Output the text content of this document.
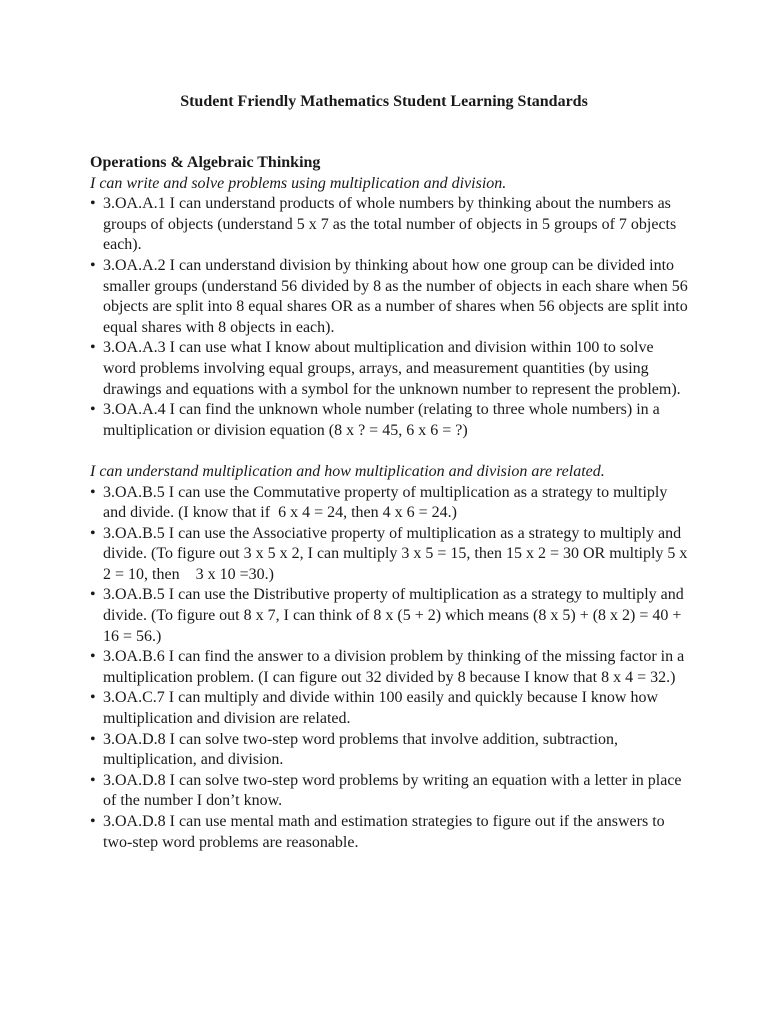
Student Friendly Mathematics Student Learning Standards

Operations & Algebraic Thinking

I can write and solve problems using multiplication and division.

• 3.OA.A.1 I can understand products of whole numbers by thinking about the numbers as groups of objects (understand 5 x 7 as the total number of objects in 5 groups of 7 objects each).
• 3.OA.A.2 I can understand division by thinking about how one group can be divided into smaller groups (understand 56 divided by 8 as the number of objects in each share when 56 objects are split into 8 equal shares OR as a number of shares when 56 objects are split into equal shares with 8 objects in each).
• 3.OA.A.3 I can use what I know about multiplication and division within 100 to solve word problems involving equal groups, arrays, and measurement quantities (by using drawings and equations with a symbol for the unknown number to represent the problem).
• 3.OA.A.4 I can find the unknown whole number (relating to three whole numbers) in a multiplication or division equation (8 x ? = 45, 6 x 6 = ?)

I can understand multiplication and how multiplication and division are related.

• 3.OA.B.5 I can use the Commutative property of multiplication as a strategy to multiply and divide. (I know that if  6 x 4 = 24, then 4 x 6 = 24.)
• 3.OA.B.5 I can use the Associative property of multiplication as a strategy to multiply and divide. (To figure out 3 x 5 x 2, I can multiply 3 x 5 = 15, then 15 x 2 = 30 OR multiply 5 x 2 = 10, then    3 x 10 =30.)
• 3.OA.B.5 I can use the Distributive property of multiplication as a strategy to multiply and divide. (To figure out 8 x 7, I can think of 8 x (5 + 2) which means (8 x 5) + (8 x 2) = 40 + 16 = 56.)
• 3.OA.B.6 I can find the answer to a division problem by thinking of the missing factor in a multiplication problem. (I can figure out 32 divided by 8 because I know that 8 x 4 = 32.)
• 3.OA.C.7 I can multiply and divide within 100 easily and quickly because I know how multiplication and division are related.
• 3.OA.D.8 I can solve two-step word problems that involve addition, subtraction, multiplication, and division.
• 3.OA.D.8 I can solve two-step word problems by writing an equation with a letter in place of the number I don’t know.
• 3.OA.D.8 I can use mental math and estimation strategies to figure out if the answers to two-step word problems are reasonable.
